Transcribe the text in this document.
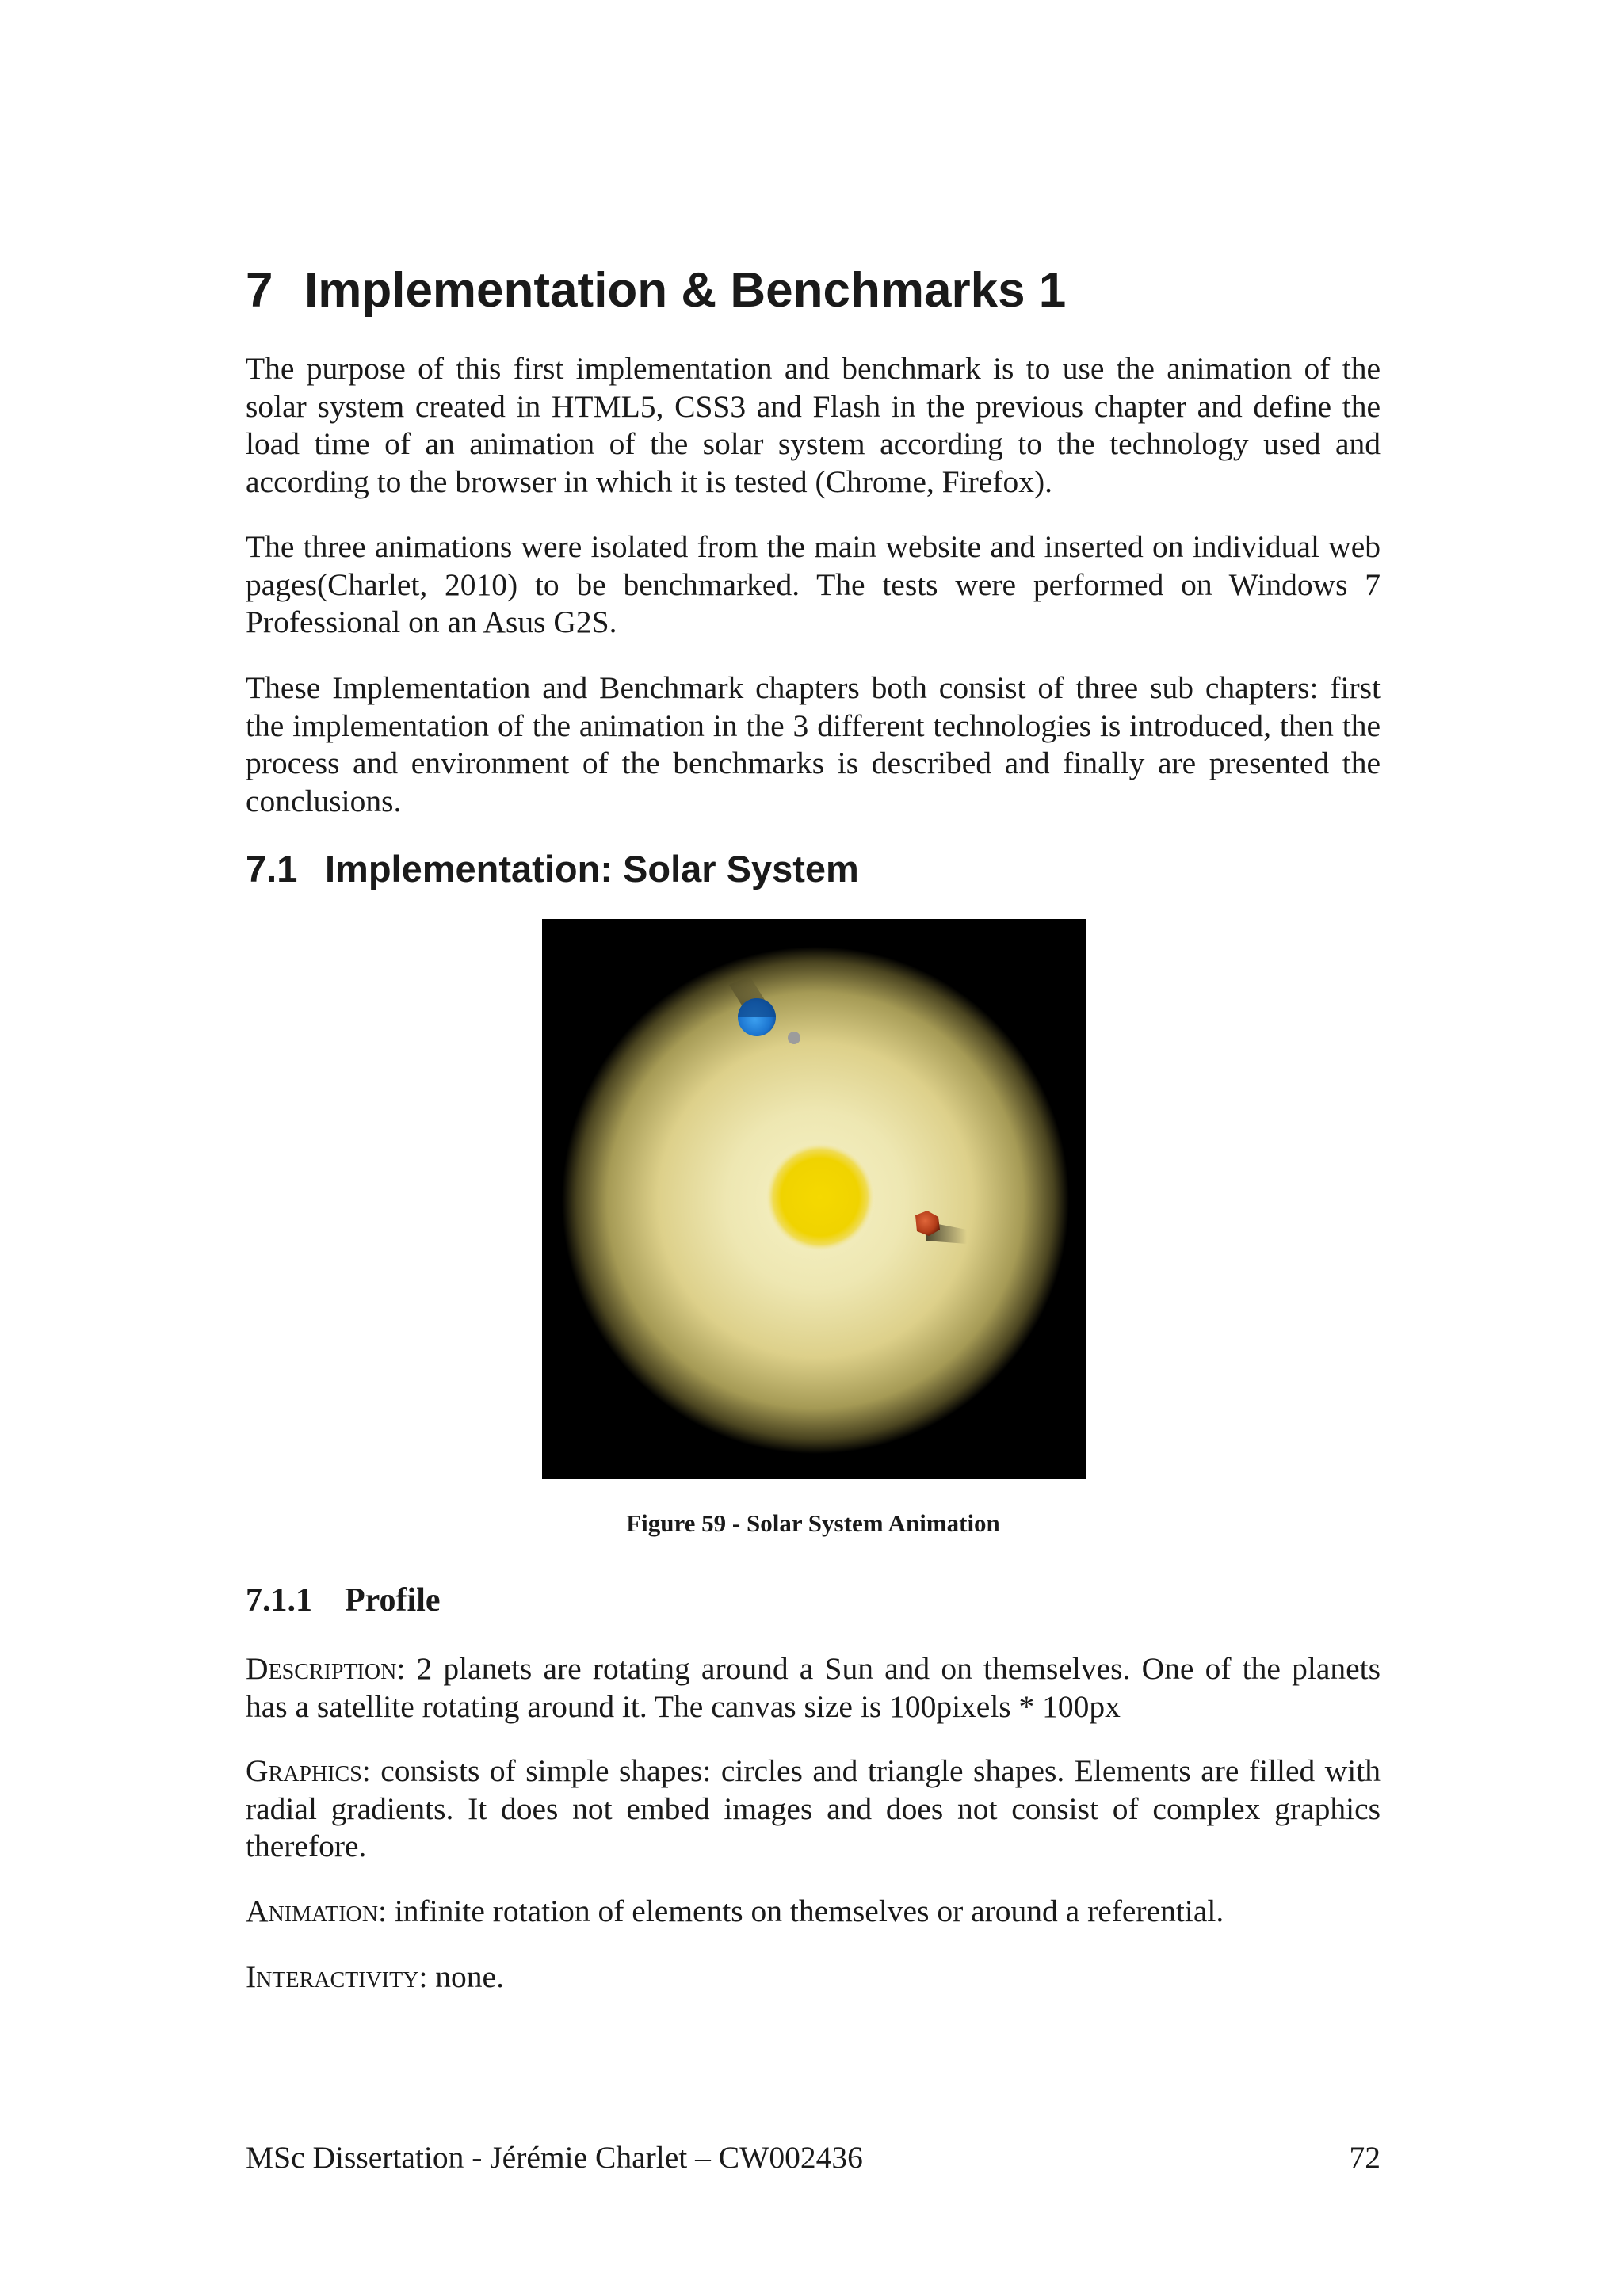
7 Implementation & Benchmarks 1

The purpose of this first implementation and benchmark is to use the animation of the solar system created in HTML5, CSS3 and Flash in the previous chapter and define the load time of an animation of the solar system according to the technology used and according to the browser in which it is tested (Chrome, Firefox).

The three animations were isolated from the main website and inserted on individual web pages(Charlet, 2010) to be benchmarked. The tests were performed on Windows 7 Professional on an Asus G2S.

These Implementation and Benchmark chapters both consist of three sub chapters: first the implementation of the animation in the 3 different technologies is introduced, then the process and environment of the benchmarks is described and finally are presented the conclusions.

7.1 Implementation: Solar System

Figure 59 - Solar System Animation

7.1.1 Profile

Description: 2 planets are rotating around a Sun and on themselves. One of the planets has a satellite rotating around it. The canvas size is 100pixels * 100px

Graphics: consists of simple shapes: circles and triangle shapes. Elements are filled with radial gradients. It does not embed images and does not consist of complex graphics therefore.

Animation: infinite rotation of elements on themselves or around a referential.

Interactivity: none.

MSc Dissertation - Jérémie Charlet – CW002436	72
